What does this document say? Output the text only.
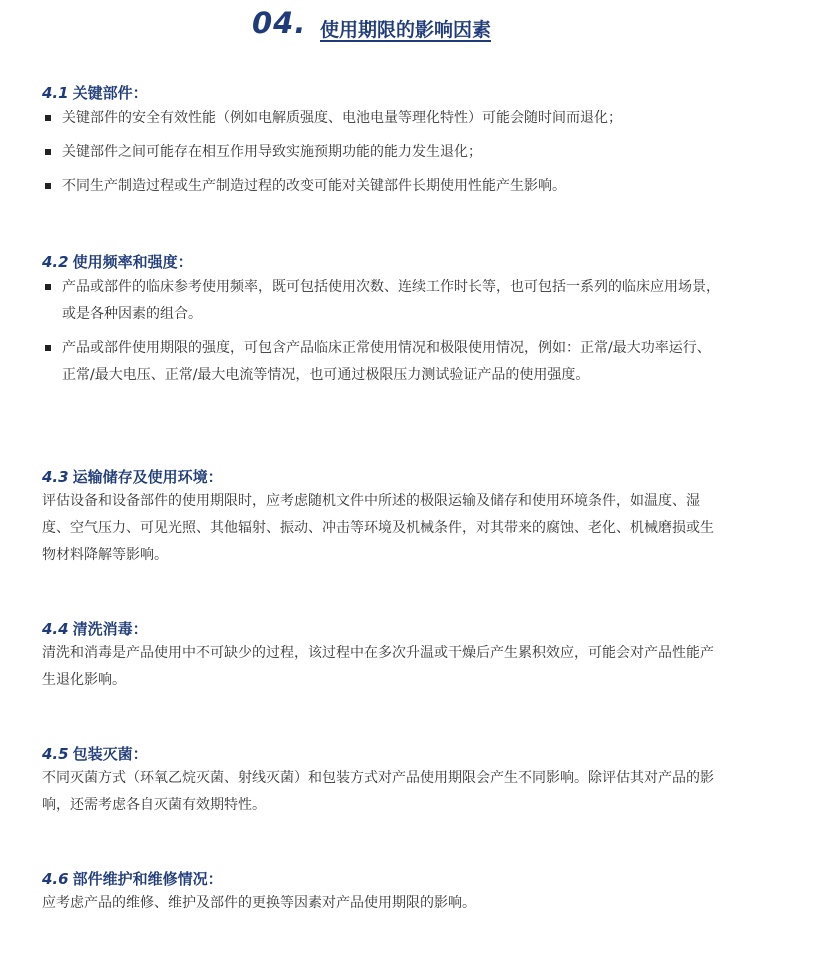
04. 使用期限的影响因素
4.1 关键部件：
关键部件的安全有效性能（例如电解质强度、电池电量等理化特性）可能会随时间而退化；
关键部件之间可能存在相互作用导致实施预期功能的能力发生退化；
不同生产制造过程或生产制造过程的改变可能对关键部件长期使用性能产生影响。
4.2 使用频率和强度：
产品或部件的临床参考使用频率，既可包括使用次数、连续工作时长等，也可包括一系列的临床应用场景，或是各种因素的组合。
产品或部件使用期限的强度，可包含产品临床正常使用情况和极限使用情况，例如：正常/最大功率运行、正常/最大电压、正常/最大电流等情况，也可通过极限压力测试验证产品的使用强度。
4.3 运输储存及使用环境：
评估设备和设备部件的使用期限时，应考虑随机文件中所述的极限运输及储存和使用环境条件，如温度、湿度、空气压力、可见光照、其他辐射、振动、冲击等环境及机械条件，对其带来的腐蚀、老化、机械磨损或生物材料降解等影响。
4.4 清洗消毒：
清洗和消毒是产品使用中不可缺少的过程，该过程中在多次升温或干燥后产生累积效应，可能会对产品性能产生退化影响。
4.5 包装灭菌：
不同灭菌方式（环氧乙烷灭菌、射线灭菌）和包装方式对产品使用期限会产生不同影响。除评估其对产品的影响，还需考虑各自灭菌有效期特性。
4.6 部件维护和维修情况：
应考虑产品的维修、维护及部件的更换等因素对产品使用期限的影响。
